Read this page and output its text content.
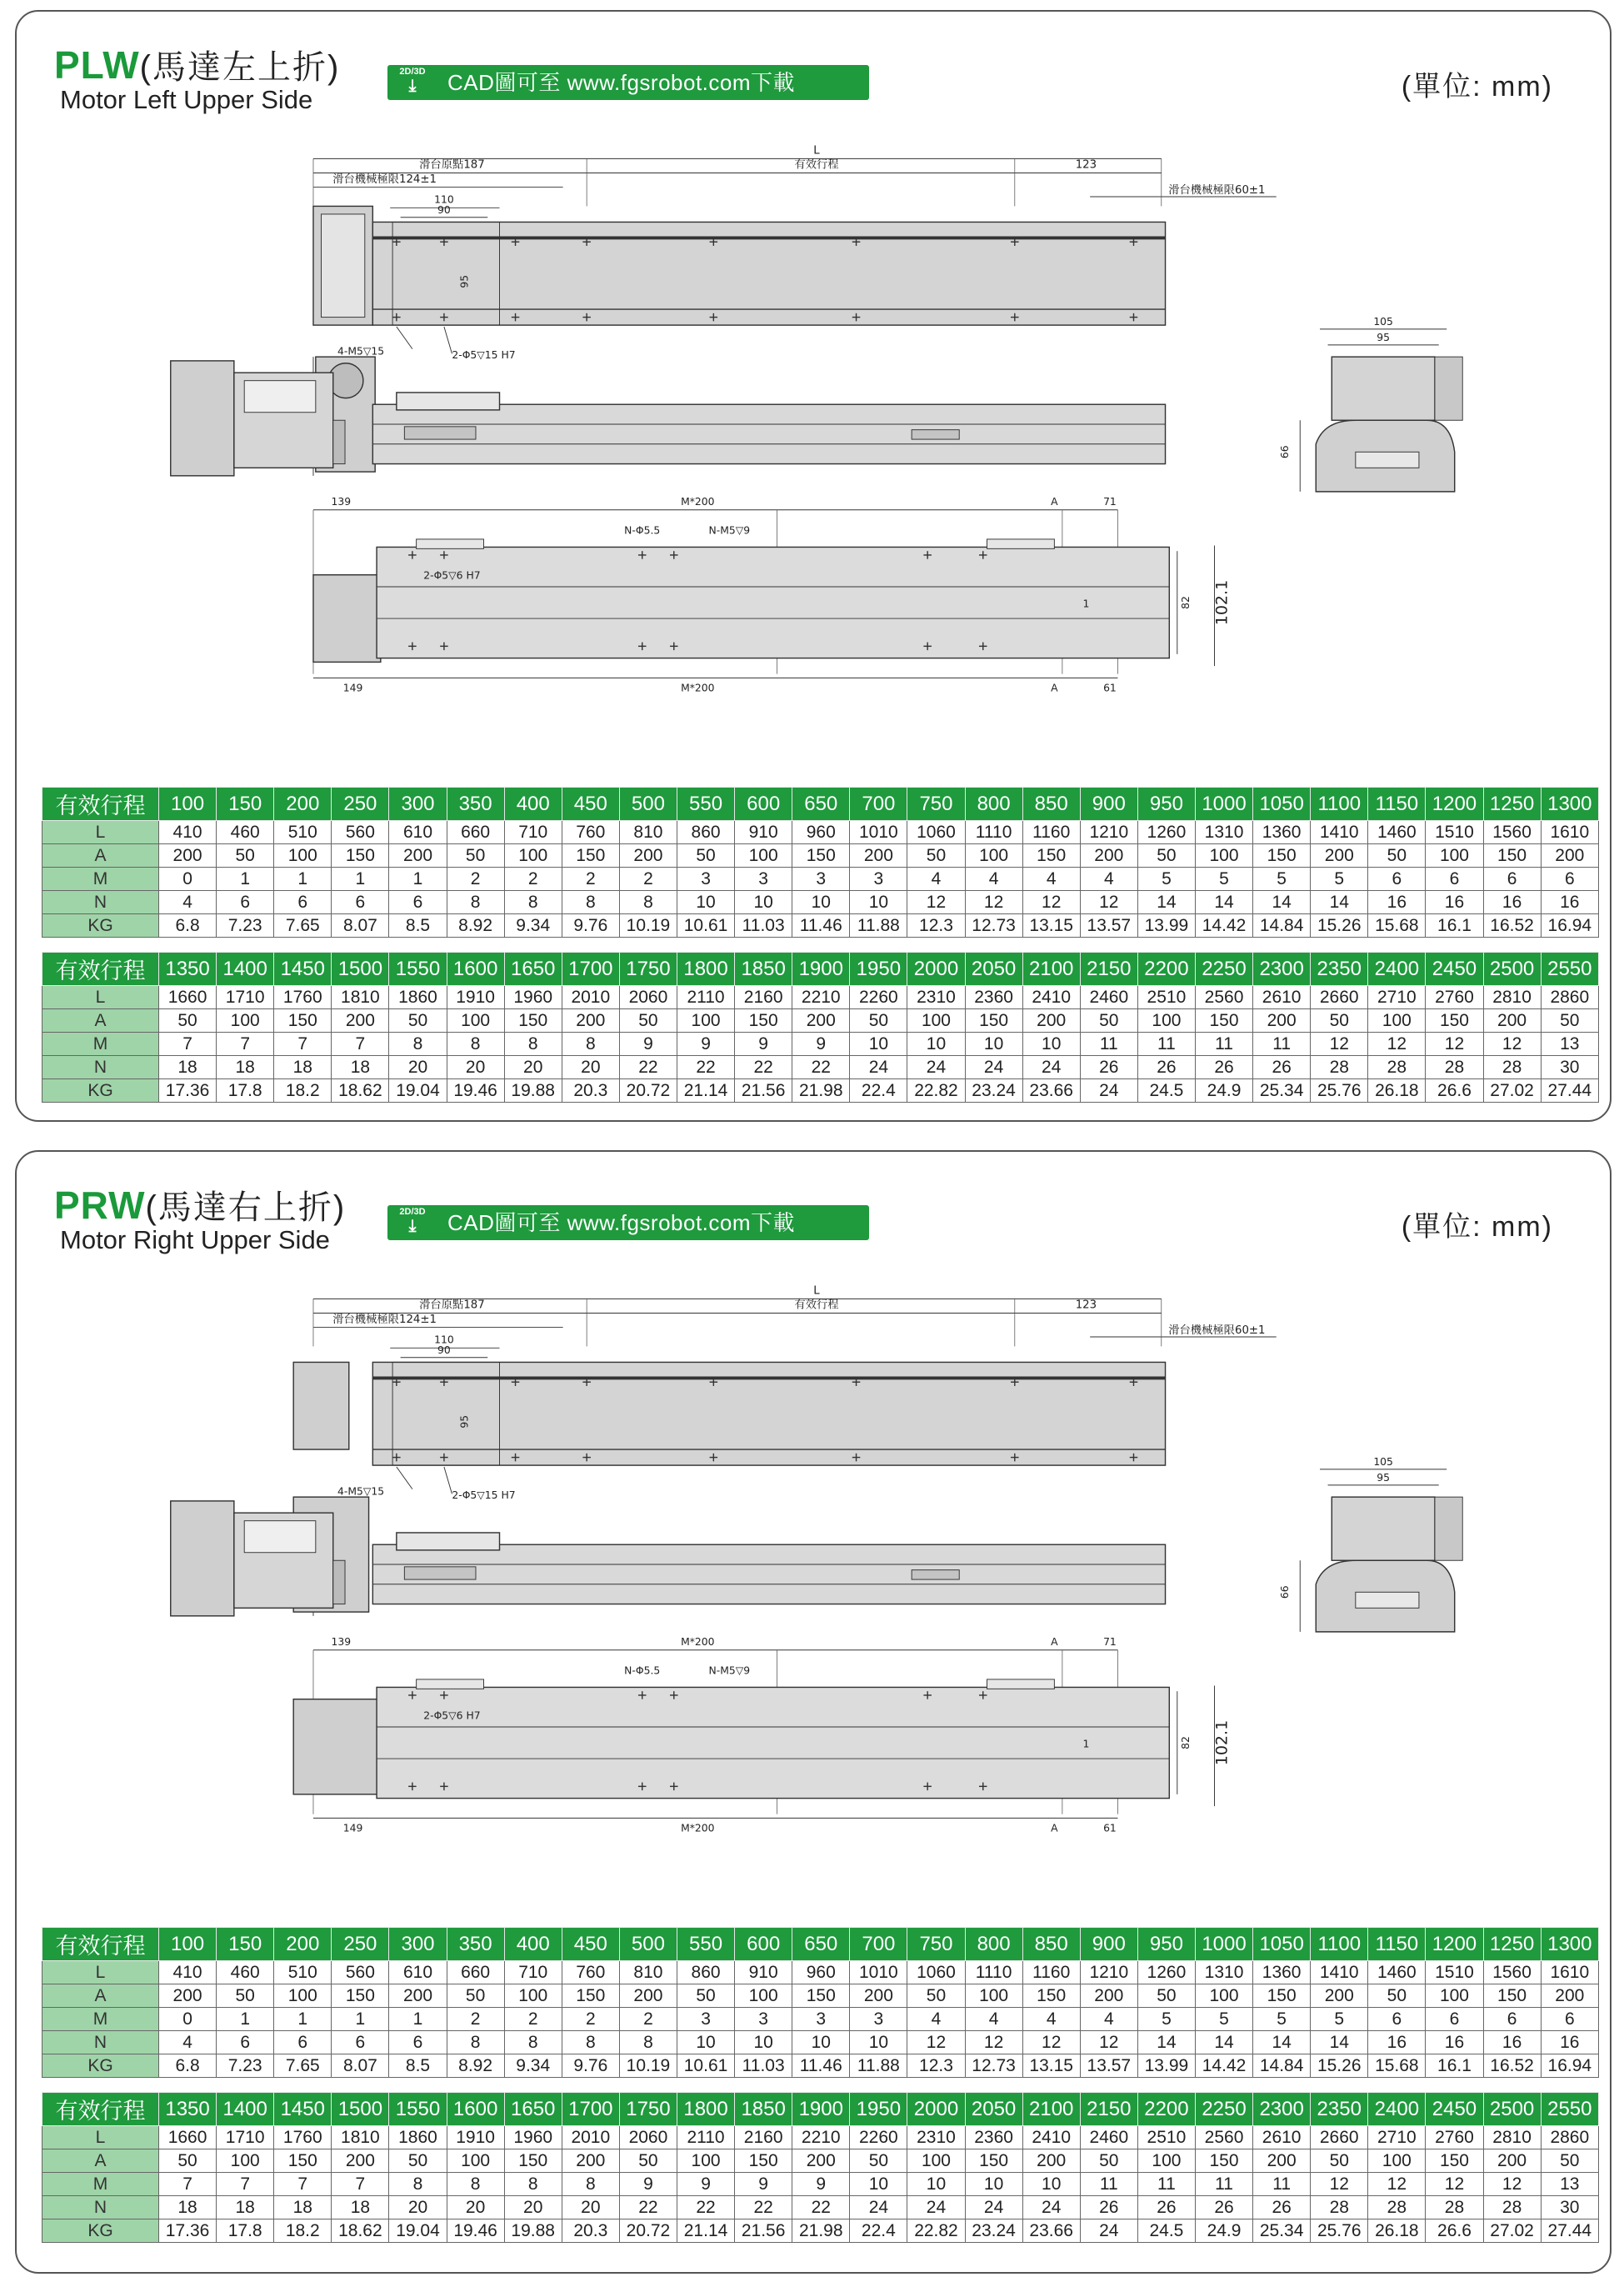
PLW(馬達左上折)
Motor Left Upper Side
2D/3D
⤓	CAD圖可至 www.fgsrobot.com下載	(單位: mm)
L
滑台原點187	有效行程	123
滑台機械極限124±1
滑台機械極限60±1
110
90
95
4-M5▽15	2-Φ5▽15 H7
139	M*200	A	71
N-Φ5.5	N-M5▽9
2-Φ5▽6 H7
1	82 102.1
149	M*200	A	61
105
95
66
有效行程	100	150	200	250	300	350	400	450	500	550	600	650	700	750	800	850	900	950	1000	1050	1100	1150	1200	1250	1300
L	410	460	510	560	610	660	710	760	810	860	910	960	1010	1060	1110	1160	1210	1260	1310	1360	1410	1460	1510	1560	1610
A	200	50	100	150	200	50	100	150	200	50	100	150	200	50	100	150	200	50	100	150	200	50	100	150	200
M	0	1	1	1	1	2	2	2	2	3	3	3	3	4	4	4	4	5	5	5	5	6	6	6	6
N	4	6	6	6	6	8	8	8	8	10	10	10	10	12	12	12	12	14	14	14	14	16	16	16	16
KG	6.8	7.23	7.65	8.07	8.5	8.92	9.34	9.76	10.19	10.61	11.03	11.46	11.88	12.3	12.73	13.15	13.57	13.99	14.42	14.84	15.26	15.68	16.1	16.52	16.94
有效行程	1350	1400	1450	1500	1550	1600	1650	1700	1750	1800	1850	1900	1950	2000	2050	2100	2150	2200	2250	2300	2350	2400	2450	2500	2550
L	1660	1710	1760	1810	1860	1910	1960	2010	2060	2110	2160	2210	2260	2310	2360	2410	2460	2510	2560	2610	2660	2710	2760	2810	2860
A	50	100	150	200	50	100	150	200	50	100	150	200	50	100	150	200	50	100	150	200	50	100	150	200	50
M	7	7	7	7	8	8	8	8	9	9	9	9	10	10	10	10	11	11	11	11	12	12	12	12	13
N	18	18	18	18	20	20	20	20	22	22	22	22	24	24	24	24	26	26	26	26	28	28	28	28	30
KG	17.36	17.8	18.2	18.62	19.04	19.46	19.88	20.3	20.72	21.14	21.56	21.98	22.4	22.82	23.24	23.66	24	24.5	24.9	25.34	25.76	26.18	26.6	27.02	27.44
PRW(馬達右上折)
Motor Right Upper Side
2D/3D
⤓	CAD圖可至 www.fgsrobot.com下載	(單位: mm)
L
滑台原點187	有效行程	123
滑台機械極限124±1
滑台機械極限60±1
110
90
95
4-M5▽15	2-Φ5▽15 H7
139	M*200	A	71
N-Φ5.5	N-M5▽9
2-Φ5▽6 H7
1	82 102.1
149	M*200	A	61
105
95
66
有效行程	100	150	200	250	300	350	400	450	500	550	600	650	700	750	800	850	900	950	1000	1050	1100	1150	1200	1250	1300
L	410	460	510	560	610	660	710	760	810	860	910	960	1010	1060	1110	1160	1210	1260	1310	1360	1410	1460	1510	1560	1610
A	200	50	100	150	200	50	100	150	200	50	100	150	200	50	100	150	200	50	100	150	200	50	100	150	200
M	0	1	1	1	1	2	2	2	2	3	3	3	3	4	4	4	4	5	5	5	5	6	6	6	6
N	4	6	6	6	6	8	8	8	8	10	10	10	10	12	12	12	12	14	14	14	14	16	16	16	16
KG	6.8	7.23	7.65	8.07	8.5	8.92	9.34	9.76	10.19	10.61	11.03	11.46	11.88	12.3	12.73	13.15	13.57	13.99	14.42	14.84	15.26	15.68	16.1	16.52	16.94
有效行程	1350	1400	1450	1500	1550	1600	1650	1700	1750	1800	1850	1900	1950	2000	2050	2100	2150	2200	2250	2300	2350	2400	2450	2500	2550
L	1660	1710	1760	1810	1860	1910	1960	2010	2060	2110	2160	2210	2260	2310	2360	2410	2460	2510	2560	2610	2660	2710	2760	2810	2860
A	50	100	150	200	50	100	150	200	50	100	150	200	50	100	150	200	50	100	150	200	50	100	150	200	50
M	7	7	7	7	8	8	8	8	9	9	9	9	10	10	10	10	11	11	11	11	12	12	12	12	13
N	18	18	18	18	20	20	20	20	22	22	22	22	24	24	24	24	26	26	26	26	28	28	28	28	30
KG	17.36	17.8	18.2	18.62	19.04	19.46	19.88	20.3	20.72	21.14	21.56	21.98	22.4	22.82	23.24	23.66	24	24.5	24.9	25.34	25.76	26.18	26.6	27.02	27.44
